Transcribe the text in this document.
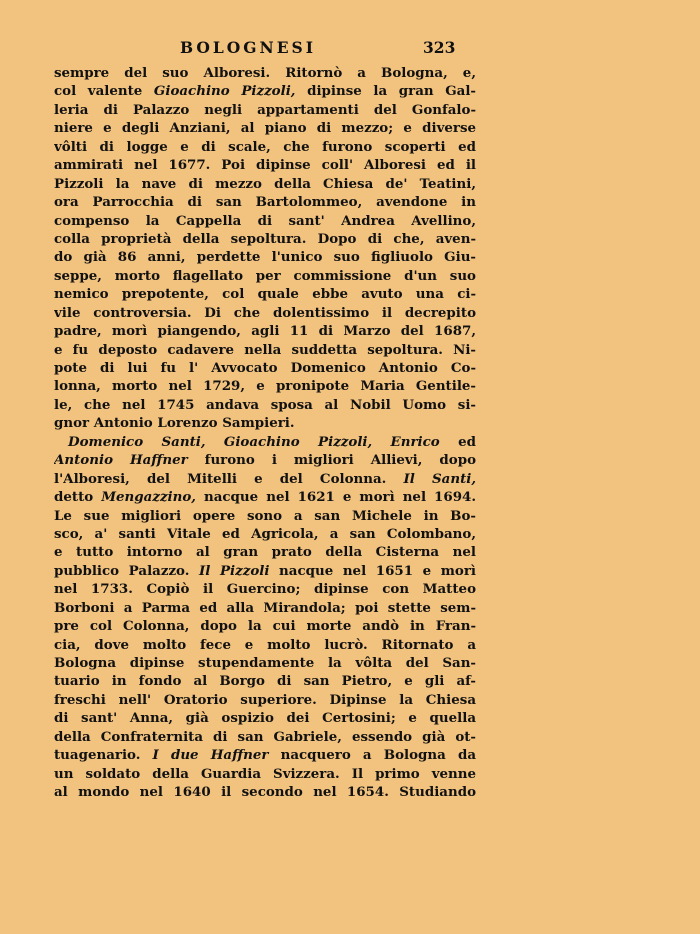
BOLOGNESI	323
sempre del suo Alboresi. Ritornò a Bologna, e,
col valente Gioachino Pizzoli, dipinse la gran Gal-
leria di Palazzo negli appartamenti del Gonfalo-
niere e degli Anziani, al piano di mezzo; e diverse
vôlti di logge e di scale, che furono scoperti ed
ammirati nel 1677. Poi dipinse coll' Alboresi ed il
Pizzoli la nave di mezzo della Chiesa de' Teatini,
ora Parrocchia di san Bartolommeo, avendone in
compenso la Cappella di sant' Andrea Avellino,
colla proprietà della sepoltura. Dopo di che, aven-
do già 86 anni, perdette l'unico suo figliuolo Giu-
seppe, morto flagellato per commissione d'un suo
nemico prepotente, col quale ebbe avuto una ci-
vile controversia. Di che dolentissimo il decrepito
padre, morì piangendo, agli 11 di Marzo del 1687,
e fu deposto cadavere nella suddetta sepoltura. Ni-
pote di lui fu l' Avvocato Domenico Antonio Co-
lonna, morto nel 1729, e pronipote Maria Gentile-
le, che nel 1745 andava sposa al Nobil Uomo si-
gnor Antonio Lorenzo Sampieri.
Domenico Santi, Gioachino Pizzoli, Enrico ed
Antonio Haffner furono i migliori Allievi, dopo
l'Alboresi, del Mitelli e del Colonna. Il Santi,
detto Mengazzino, nacque nel 1621 e morì nel 1694.
Le sue migliori opere sono a san Michele in Bo-
sco, a' santi Vitale ed Agricola, a san Colombano,
e tutto intorno al gran prato della Cisterna nel
pubblico Palazzo. Il Pizzoli nacque nel 1651 e morì
nel 1733. Copiò il Guercino; dipinse con Matteo
Borboni a Parma ed alla Mirandola; poi stette sem-
pre col Colonna, dopo la cui morte andò in Fran-
cia, dove molto fece e molto lucrò. Ritornato a
Bologna dipinse stupendamente la vôlta del San-
tuario in fondo al Borgo di san Pietro, e gli af-
freschi nell' Oratorio superiore. Dipinse la Chiesa
di sant' Anna, già ospizio dei Certosini; e quella
della Confraternita di san Gabriele, essendo già ot-
tuagenario. I due Haffner nacquero a Bologna da
un soldato della Guardia Svizzera. Il primo venne
al mondo nel 1640 il secondo nel 1654. Studiando
